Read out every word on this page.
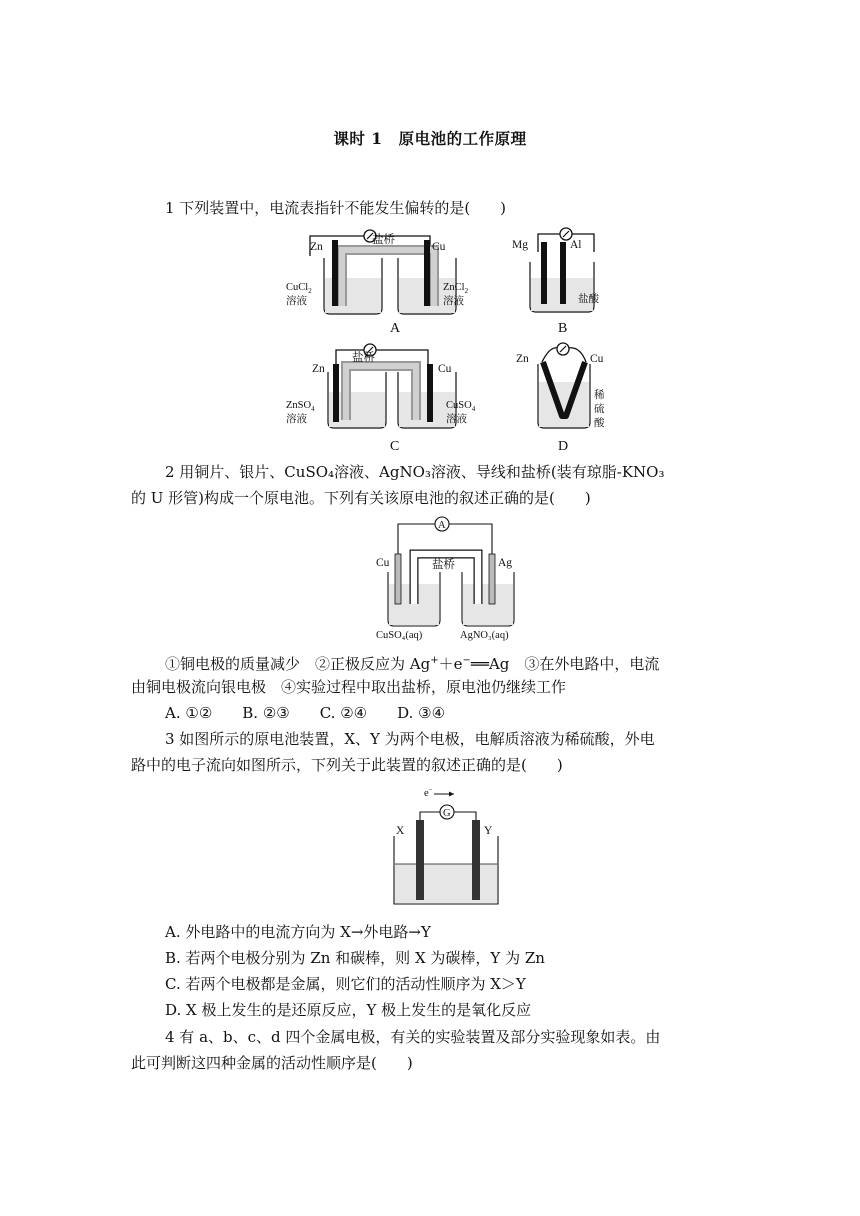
课时 1　原电池的工作原理
1 下列装置中，电流表指针不能发生偏转的是(　　)
Zn	Cu
盐桥
CuCl$_2$
溶液
ZnCl$_2$
溶液
A
Mg	Al
盐酸
B
Zn	Cu
盐桥
ZnSO$_4$
溶液
CuSO$_4$
溶液
C
Zn	Cu
稀
硫
酸
D
2 用铜片、银片、CuSO₄溶液、AgNO₃溶液、导线和盐桥(装有琼脂-KNO₃
的 U 形管)构成一个原电池。下列有关该原电池的叙述正确的是(　　)
A
Cu	Ag
盐桥
CuSO₄(aq)	AgNO₃(aq)
①铜电极的质量减少　②正极反应为 Ag+＋e−══Ag　③在外电路中，电流
由铜电极流向银电极　④实验过程中取出盐桥，原电池仍继续工作
A. ①②　　B. ②③　　C. ②④　　D. ③④
3 如图所示的原电池装置，X、Y 为两个电极，电解质溶液为稀硫酸，外电
路中的电子流向如图所示，下列关于此装置的叙述正确的是(　　)
e−
G
X	Y
A. 外电路中的电流方向为 X→外电路→Y
B. 若两个电极分别为 Zn 和碳棒，则 X 为碳棒，Y 为 Zn
C. 若两个电极都是金属，则它们的活动性顺序为 X＞Y
D. X 极上发生的是还原反应，Y 极上发生的是氧化反应
4 有 a、b、c、d 四个金属电极，有关的实验装置及部分实验现象如表。由
此可判断这四种金属的活动性顺序是(　　)
